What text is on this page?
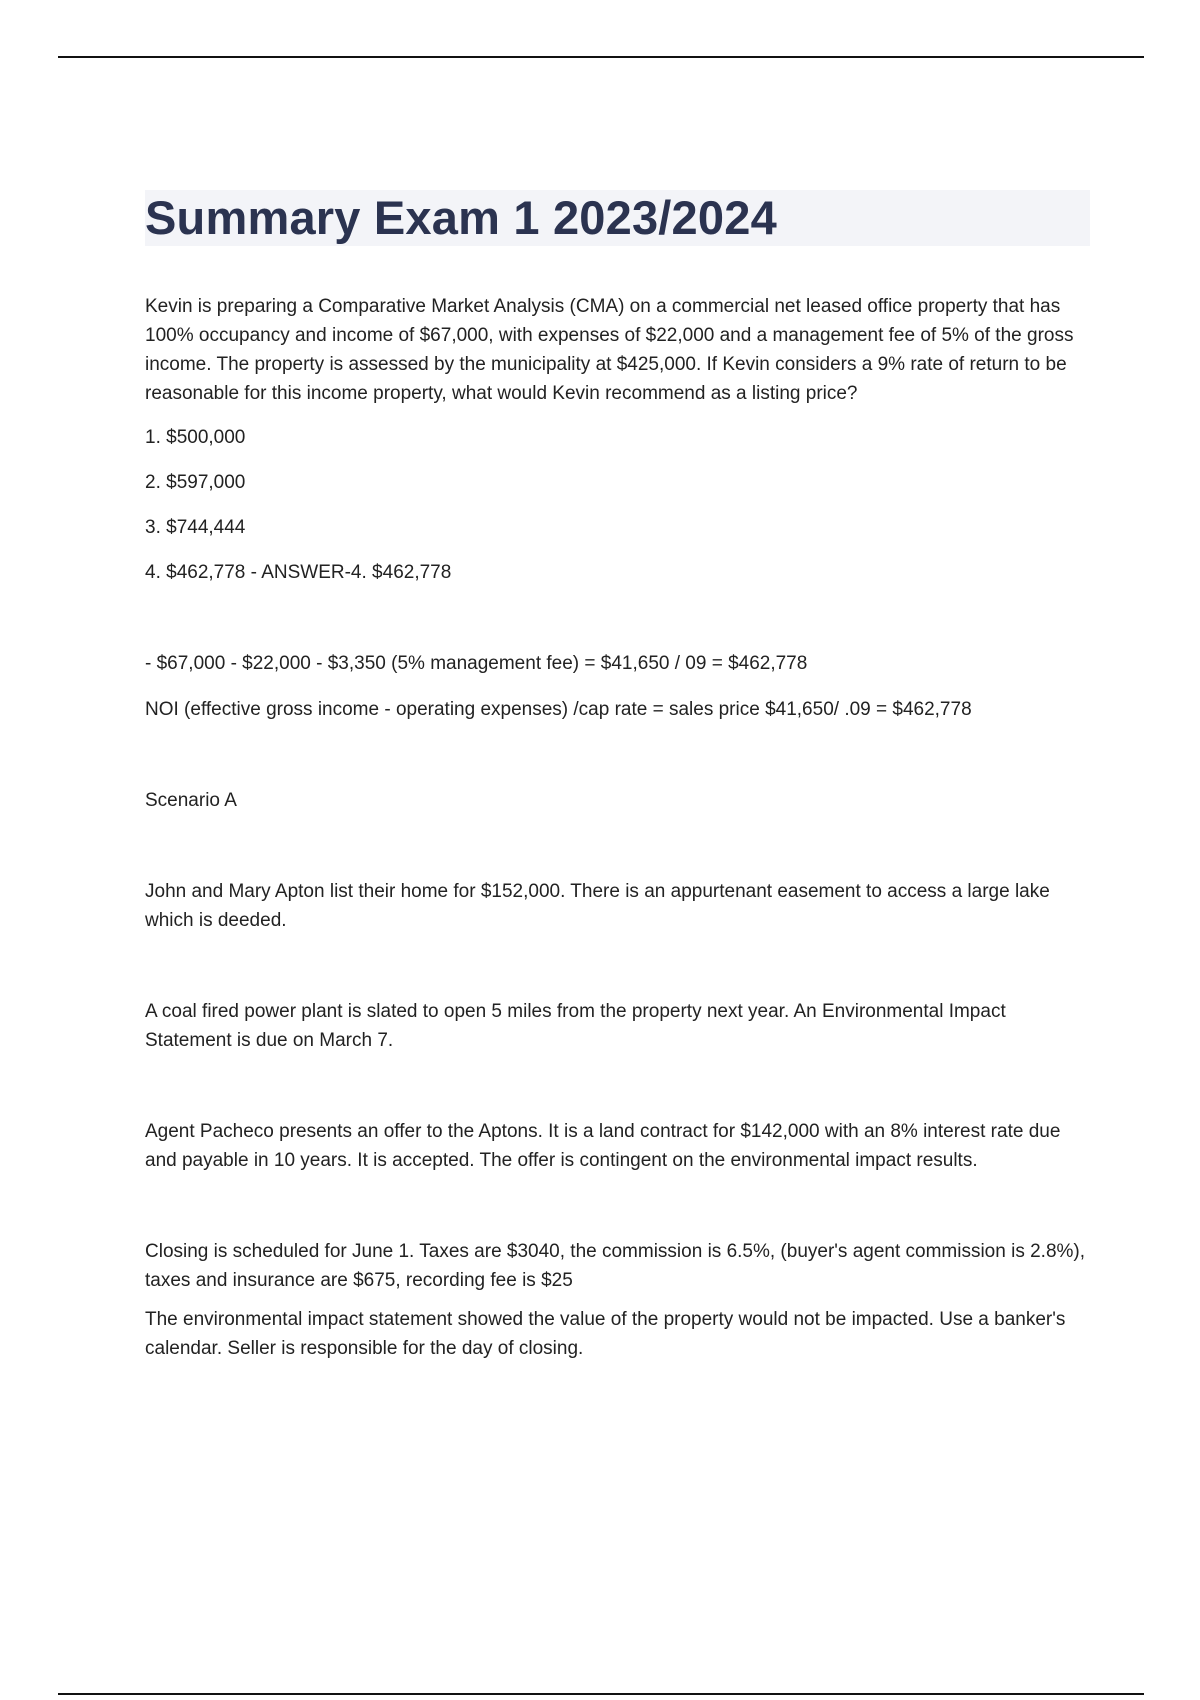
Summary Exam 1 2023/2024

Kevin is preparing a Comparative Market Analysis (CMA) on a commercial net leased office property that has 100% occupancy and income of $67,000, with expenses of $22,000 and a management fee of 5% of the gross income. The property is assessed by the municipality at $425,000. If Kevin considers a 9% rate of return to be reasonable for this income property, what would Kevin recommend as a listing price?

1. $500,000

2. $597,000

3. $744,444

4. $462,778 - ANSWER-4. $462,778

- $67,000 - $22,000 - $3,350 (5% management fee) = $41,650 / 09 = $462,778

NOI (effective gross income - operating expenses) /cap rate = sales price $41,650/ .09 = $462,778

Scenario A

John and Mary Apton list their home for $152,000. There is an appurtenant easement to access a large lake which is deeded.

A coal fired power plant is slated to open 5 miles from the property next year. An Environmental Impact Statement is due on March 7.

Agent Pacheco presents an offer to the Aptons. It is a land contract for $142,000 with an 8% interest rate due and payable in 10 years. It is accepted. The offer is contingent on the environmental impact results.

Closing is scheduled for June 1. Taxes are $3040, the commission is 6.5%, (buyer's agent commission is 2.8%), taxes and insurance are $675, recording fee is $25

The environmental impact statement showed the value of the property would not be impacted. Use a banker's calendar. Seller is responsible for the day of closing.
